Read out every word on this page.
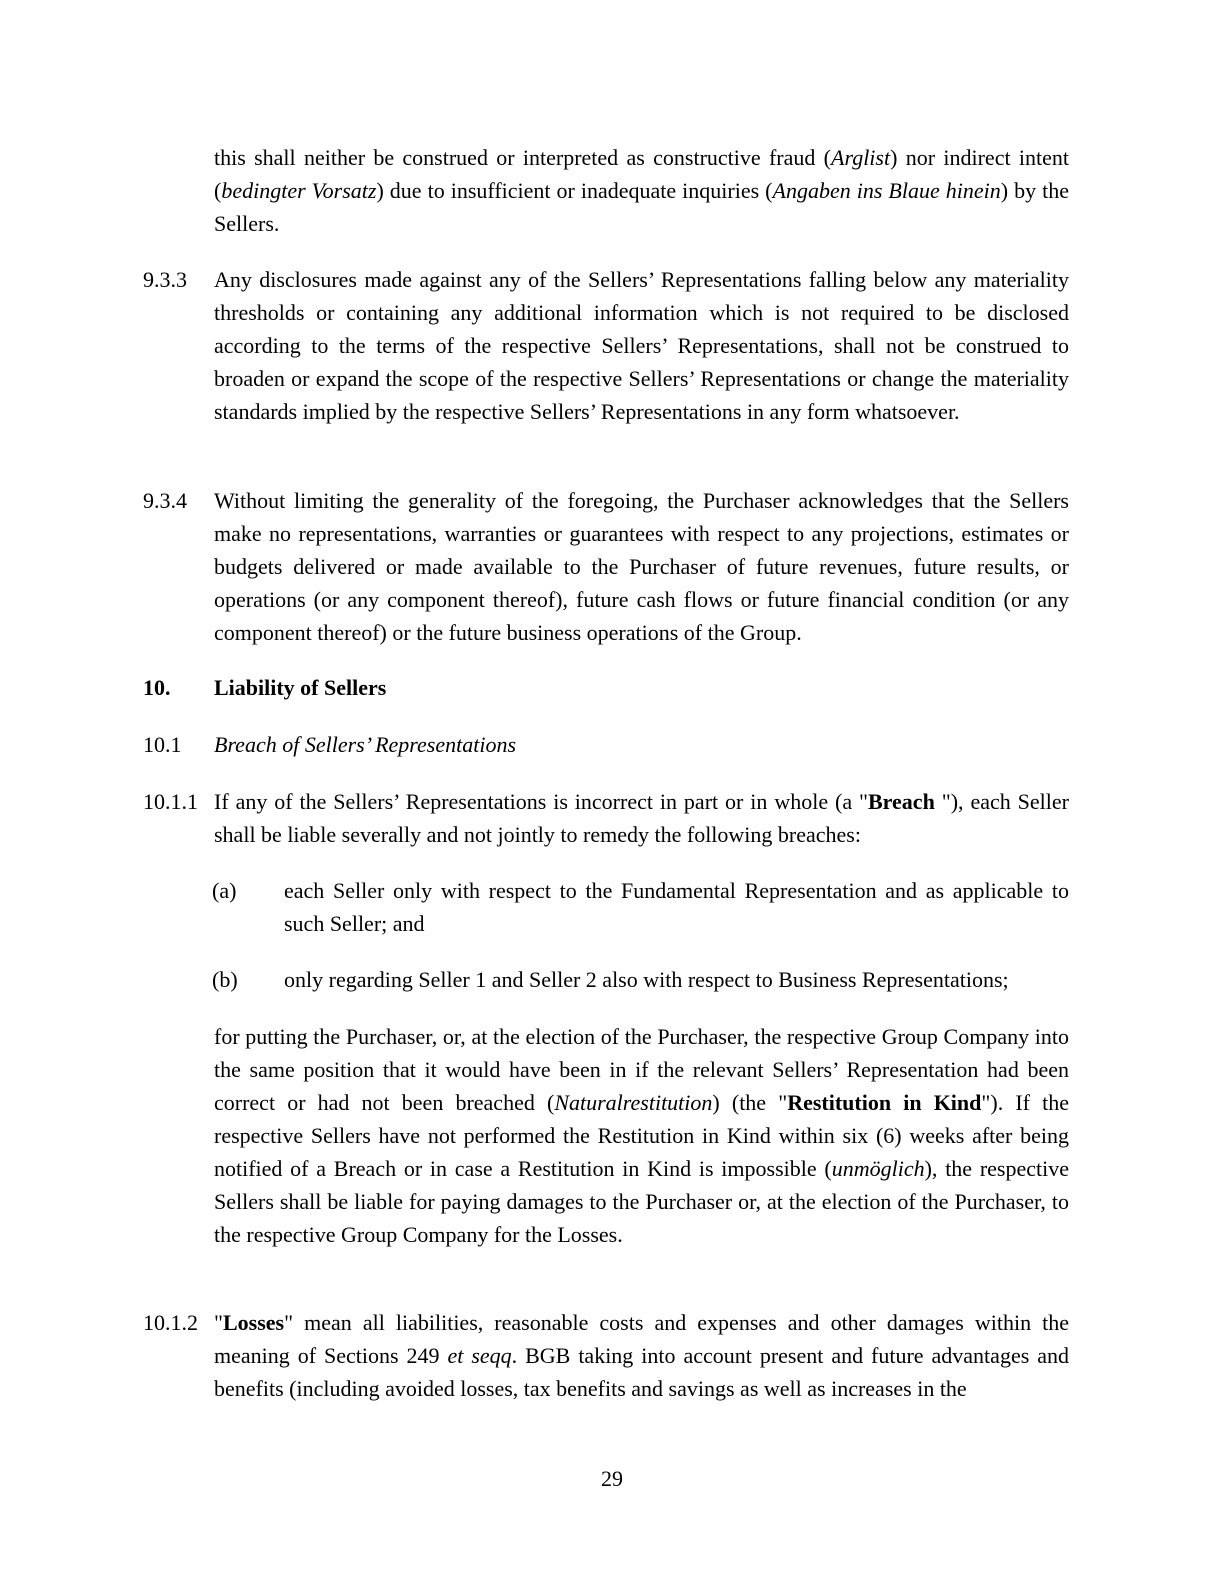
this shall neither be construed or interpreted as constructive fraud (Arglist) nor indirect intent (bedingter Vorsatz) due to insufficient or inadequate inquiries (Angaben ins Blaue hinein) by the Sellers.

9.3.3 Any disclosures made against any of the Sellers’ Representations falling below any materiality thresholds or containing any additional information which is not required to be disclosed according to the terms of the respective Sellers’ Representations, shall not be construed to broaden or expand the scope of the respective Sellers’ Representations or change the materiality standards implied by the respective Sellers’ Representations in any form whatsoever.

9.3.4 Without limiting the generality of the foregoing, the Purchaser acknowledges that the Sellers make no representations, warranties or guarantees with respect to any projections, estimates or budgets delivered or made available to the Purchaser of future revenues, future results, or operations (or any component thereof), future cash flows or future financial condition (or any component thereof) or the future business operations of the Group.

10. Liability of Sellers

10.1 Breach of Sellers’ Representations

10.1.1 If any of the Sellers’ Representations is incorrect in part or in whole (a "Breach "), each Seller shall be liable severally and not jointly to remedy the following breaches:

(a) each Seller only with respect to the Fundamental Representation and as applicable to such Seller; and

(b) only regarding Seller 1 and Seller 2 also with respect to Business Representations;

for putting the Purchaser, or, at the election of the Purchaser, the respective Group Company into the same position that it would have been in if the relevant Sellers’ Representation had been correct or had not been breached (Naturalrestitution) (the "Restitution in Kind"). If the respective Sellers have not performed the Restitution in Kind within six (6) weeks after being notified of a Breach or in case a Restitution in Kind is impossible (unmöglich), the respective Sellers shall be liable for paying damages to the Purchaser or, at the election of the Purchaser, to the respective Group Company for the Losses.

10.1.2 "Losses" mean all liabilities, reasonable costs and expenses and other damages within the meaning of Sections 249 et seqq. BGB taking into account present and future advantages and benefits (including avoided losses, tax benefits and savings as well as increases in the

29
